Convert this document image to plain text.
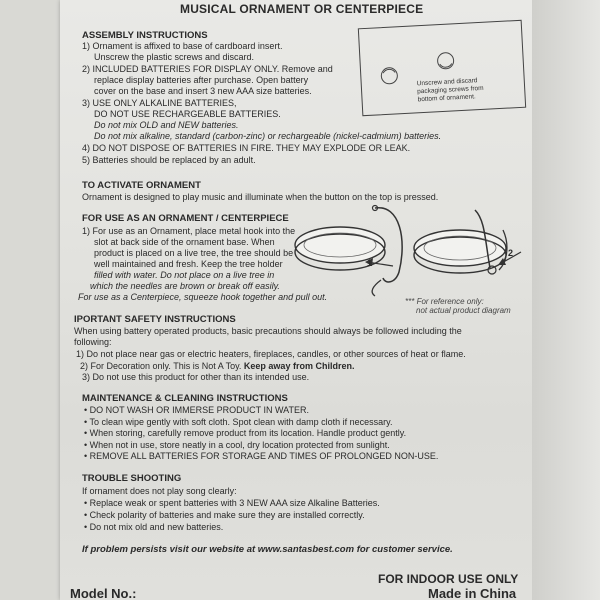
MUSICAL ORNAMENT OR CENTERPIECE
ASSEMBLY INSTRUCTIONS
1) Ornament is affixed to base of cardboard insert.
Unscrew the plastic screws and discard.
2) INCLUDED BATTERIES FOR DISPLAY ONLY. Remove and
replace display batteries after purchase. Open battery
cover on the base and insert 3 new AAA size batteries.
3) USE ONLY ALKALINE BATTERIES,
DO NOT USE RECHARGEABLE BATTERIES.
Do not mix OLD and NEW batteries.
Do not mix alkaline, standard (carbon-zinc) or rechargeable (nickel-cadmium) batteries.
4) DO NOT DISPOSE OF BATTERIES IN FIRE. THEY MAY EXPLODE OR LEAK.
5) Batteries should be replaced by an adult.
Unscrew and discard
packaging screws from
bottom of ornament.
TO ACTIVATE ORNAMENT
Ornament is designed to play music and illuminate when the button on the top is pressed.
FOR USE AS AN ORNAMENT / CENTERPIECE
1) For use as an Ornament, place metal hook into the
slot at back side of the ornament base. When
product is placed on a live tree, the tree should be
well maintained and fresh. Keep the tree holder
filled with water. Do not place on a live tree in
which the needles are brown or break off easily.
For use as a Centerpiece, squeeze hook together and pull out.
1
2
*** For reference only:
not actual product diagram
IPORTANT SAFETY INSTRUCTIONS
When using battery operated products, basic precautions should always be followed including the
following:
1) Do not place near gas or electric heaters, fireplaces, candles, or other sources of heat or flame.
2) For Decoration only. This is Not A Toy. Keep away from Children.
3) Do not use this product for other than its intended use.
MAINTENANCE & CLEANING INSTRUCTIONS
• DO NOT WASH OR IMMERSE PRODUCT IN WATER.
• To clean wipe gently with soft cloth. Spot clean with damp cloth if necessary.
• When storing, carefully remove product from its location. Handle product gently.
• When not in use, store neatly in a cool, dry location protected from sunlight.
• REMOVE ALL BATTERIES FOR STORAGE AND TIMES OF PROLONGED NON-USE.
TROUBLE SHOOTING
If ornament does not play song clearly:
• Replace weak or spent batteries with 3 NEW AAA size Alkaline Batteries.
• Check polarity of batteries and make sure they are installed correctly.
• Do not mix old and new batteries.
If problem persists visit our website at www.santasbest.com for customer service.
FOR INDOOR USE ONLY
Model No.:	Made in China
